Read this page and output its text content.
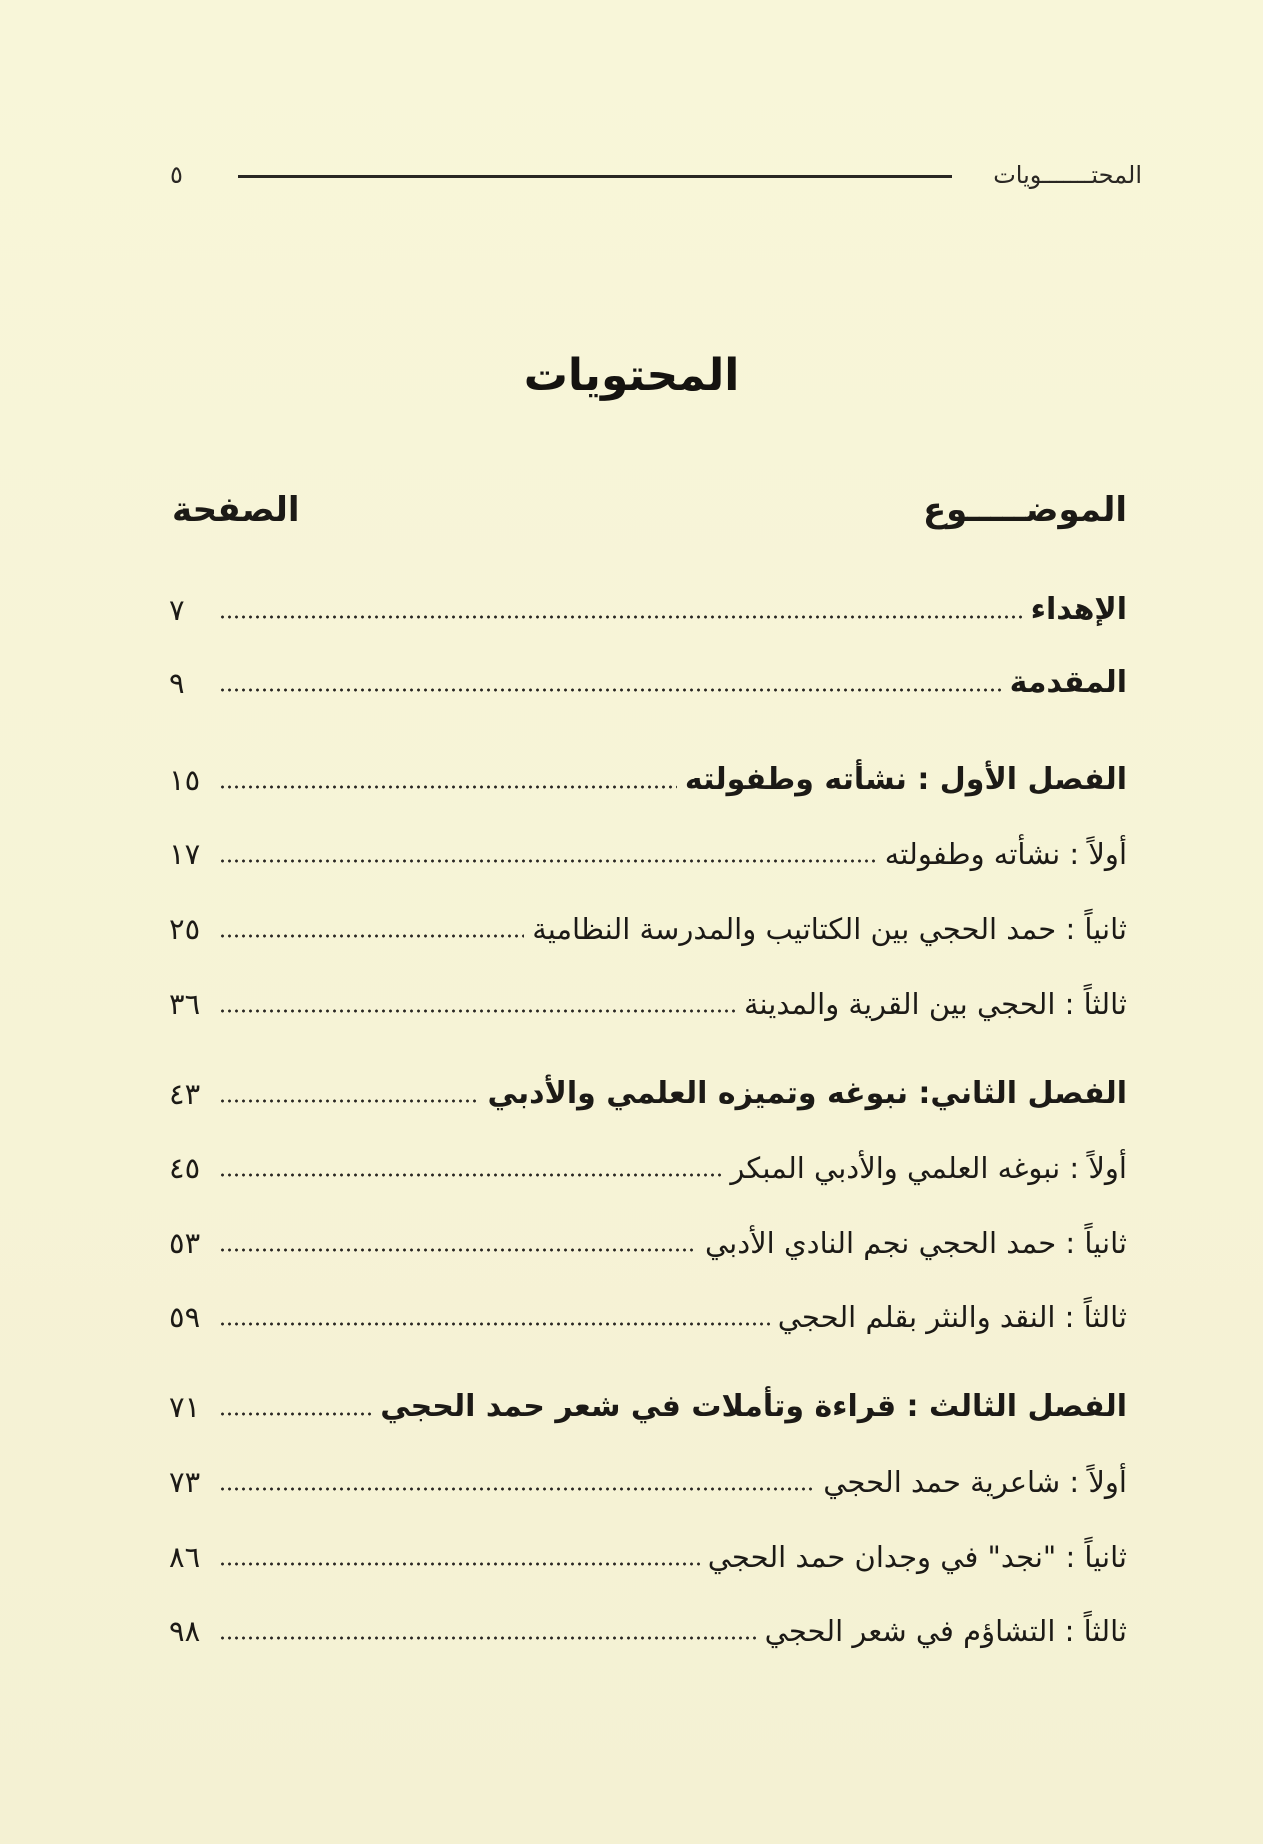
المحتـــــــويات
٥
المحتويات
الموضـــــوع
الصفحة
الإهداء
٧
المقدمة
٩
الفصل الأول : نشأته وطفولته
١٥
أولاً : نشأته وطفولته
١٧
ثانياً : حمد الحجي بين الكتاتيب والمدرسة النظامية
٢٥
ثالثاً : الحجي بين القرية والمدينة
٣٦
الفصل الثاني: نبوغه وتميزه العلمي والأدبي
٤٣
أولاً : نبوغه العلمي والأدبي المبكر
٤٥
ثانياً : حمد الحجي نجم النادي الأدبي
٥٣
ثالثاً : النقد والنثر بقلم الحجي
٥٩
الفصل الثالث : قراءة وتأملات في شعر حمد الحجي
٧١
أولاً : شاعرية حمد الحجي
٧٣
ثانياً : "نجد" في وجدان حمد الحجي
٨٦
ثالثاً : التشاؤم في شعر الحجي
٩٨
